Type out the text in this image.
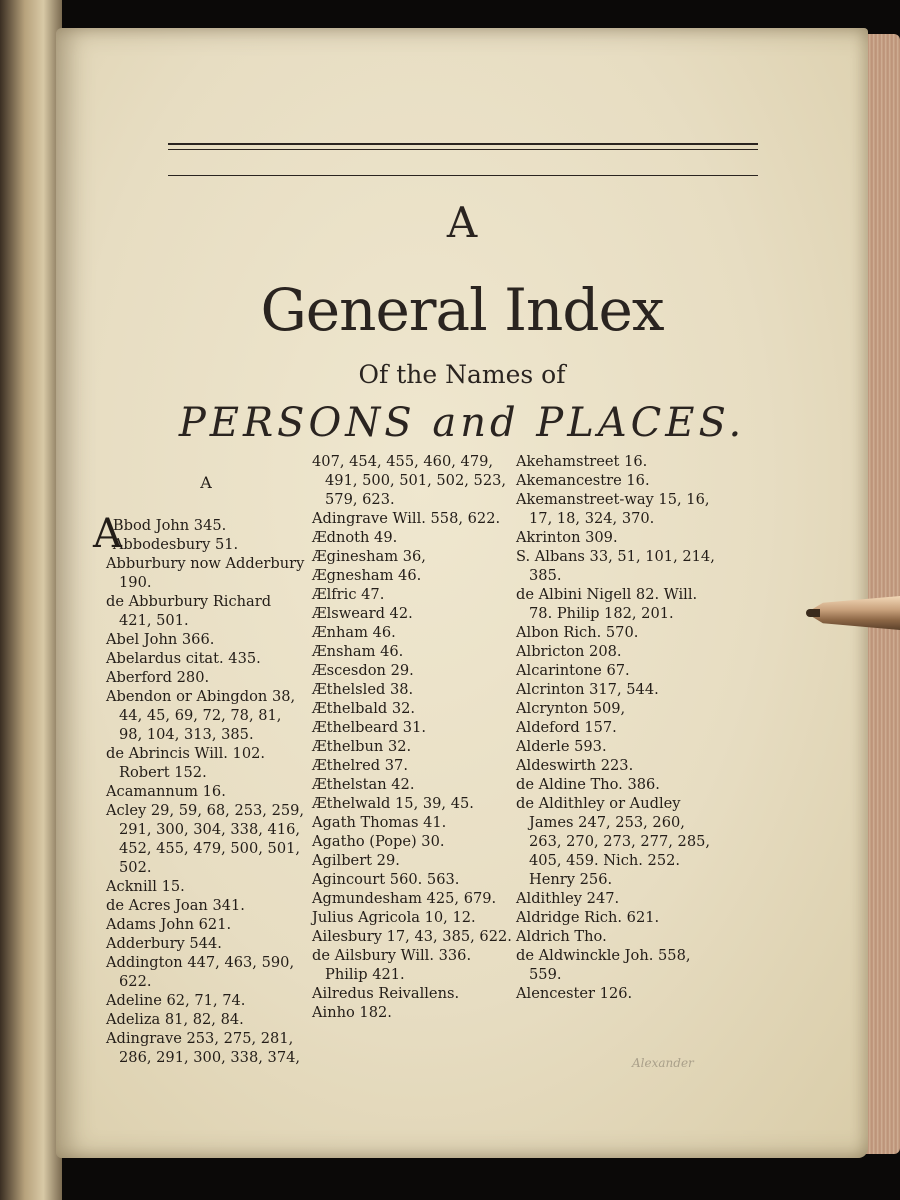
A
General Index
Of the Names of
PERSONS and PLACES.
A

A
Bbod John 345.

Abbodesbury 51.

Abburbury now Adderbury 190.

de Abburbury Richard 421, 501.

Abel John 366.

Abelardus citat. 435.

Aberford 280.

Abendon or Abingdon 38, 44, 45, 69, 72, 78, 81, 98, 104, 313, 385.

de Abrincis Will. 102. Robert 152.

Acamannum 16.

Acley 29, 59, 68, 253, 259, 291, 300, 304, 338, 416, 452, 455, 479, 500, 501, 502.

Acknill 15.

de Acres Joan 341.

Adams John 621.

Adderbury 544.

Addington 447, 463, 590, 622.

Adeline 62, 71, 74.

Adeliza 81, 82, 84.

Adingrave 253, 275, 281, 286, 291, 300, 338, 374,

407, 454, 455, 460, 479, 491, 500, 501, 502, 523, 579, 623.

Adingrave Will. 558, 622.

Ædnoth 49.

Æginesham 36,

Ægnesham 46.

Ælfric 47.

Ælsweard 42.

Ænham 46.

Ænsham 46.

Æscesdon 29.

Æthelsled 38.

Æthelbald 32.

Æthelbeard 31.

Æthelbun 32.

Æthelred 37.

Æthelstan 42.

Æthelwald 15, 39, 45.

Agath Thomas 41.

Agatho (Pope) 30.

Agilbert 29.

Agincourt 560. 563.

Agmundesham 425, 679.

Julius Agricola 10, 12.

Ailesbury 17, 43, 385, 622.

de Ailsbury Will. 336. Philip 421.

Ailredus Reivallens.

Ainho 182.

Akehamstreet 16.

Akemancestre 16.

Akemanstreet-way 15, 16, 17, 18, 324, 370.

Akrinton 309.

S. Albans 33, 51, 101, 214, 385.

de Albini Nigell 82. Will. 78. Philip 182, 201.

Albon Rich. 570.

Albricton 208.

Alcarintone 67.

Alcrinton 317, 544.

Alcrynton 509,

Aldeford 157.

Alderle 593.

Aldeswirth 223.

de Aldine Tho. 386.

de Aldithley or Audley James 247, 253, 260, 263, 270, 273, 277, 285, 405, 459. Nich. 252. Henry 256.

Aldithley 247.

Aldridge Rich. 621.

Aldrich Tho.

de Aldwinckle Joh. 558, 559.

Alencester 126.

Alexander
